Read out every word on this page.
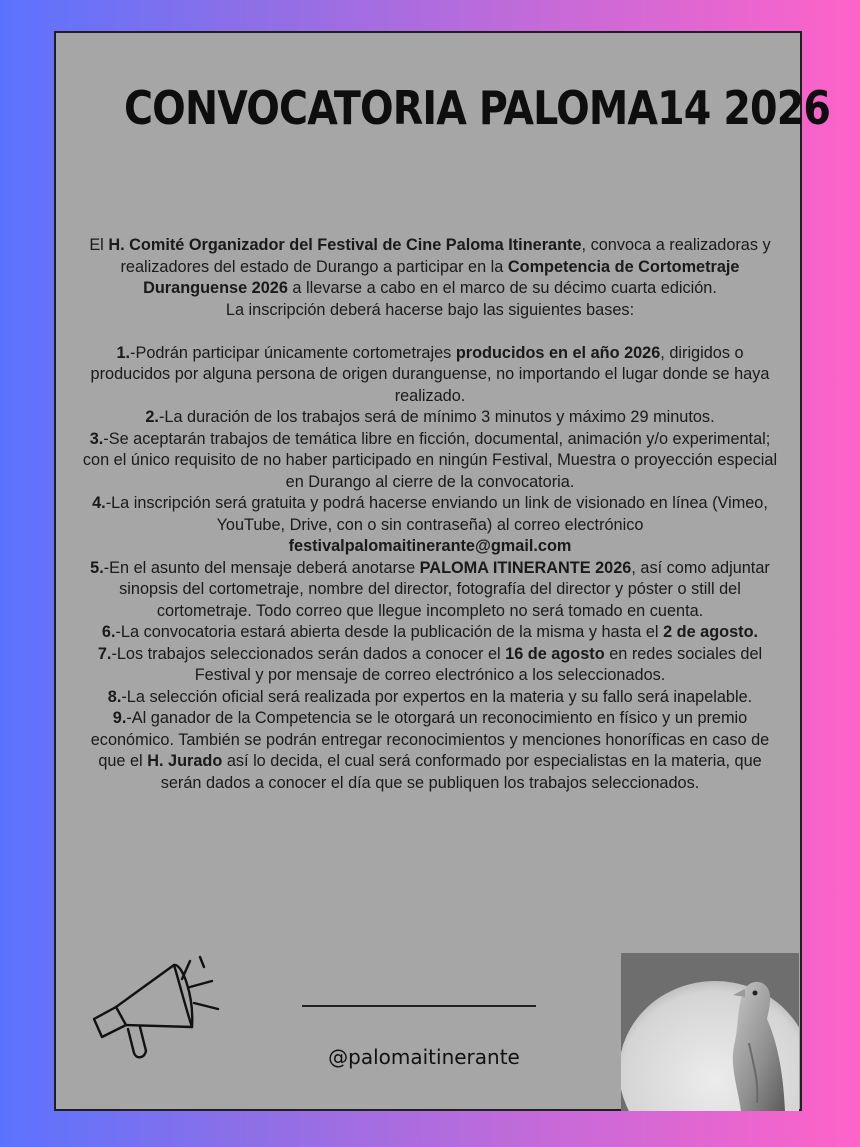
CONVOCATORIA PALOMA14 2026

El H. Comité Organizador del Festival de Cine Paloma Itinerante, convoca a realizadoras y realizadores del estado de Durango a participar en la Competencia de Cortometraje Duranguense 2026 a llevarse a cabo en el marco de su décimo cuarta edición.

La inscripción deberá hacerse bajo las siguientes bases:

1.-Podrán participar únicamente cortometrajes producidos en el año 2026, dirigidos o producidos por alguna persona de origen duranguense, no importando el lugar donde se haya realizado.

2.-La duración de los trabajos será de mínimo 3 minutos y máximo 29 minutos.

3.-Se aceptarán trabajos de temática libre en ficción, documental, animación y/o experimental; con el único requisito de no haber participado en ningún Festival, Muestra o proyección especial en Durango al cierre de la convocatoria.

4.-La inscripción será gratuita y podrá hacerse enviando un link de visionado en línea (Vimeo, YouTube, Drive, con o sin contraseña) al correo electrónico
festivalpalomaitinerante@gmail.com

5.-En el asunto del mensaje deberá anotarse PALOMA ITINERANTE 2026, así como adjuntar sinopsis del cortometraje, nombre del director, fotografía del director y póster o still del cortometraje. Todo correo que llegue incompleto no será tomado en cuenta.

6.-La convocatoria estará abierta desde la publicación de la misma y hasta el 2 de agosto.

7.-Los trabajos seleccionados serán dados a conocer el 16 de agosto en redes sociales del Festival y por mensaje de correo electrónico a los seleccionados.

8.-La selección oficial será realizada por expertos en la materia y su fallo será inapelable.

9.-Al ganador de la Competencia se le otorgará un reconocimiento en físico y un premio económico. También se podrán entregar reconocimientos y menciones honoríficas en caso de que el H. Jurado así lo decida, el cual será conformado por especialistas en la materia, que serán dados a conocer el día que se publiquen los trabajos seleccionados.

@palomaitinerante
